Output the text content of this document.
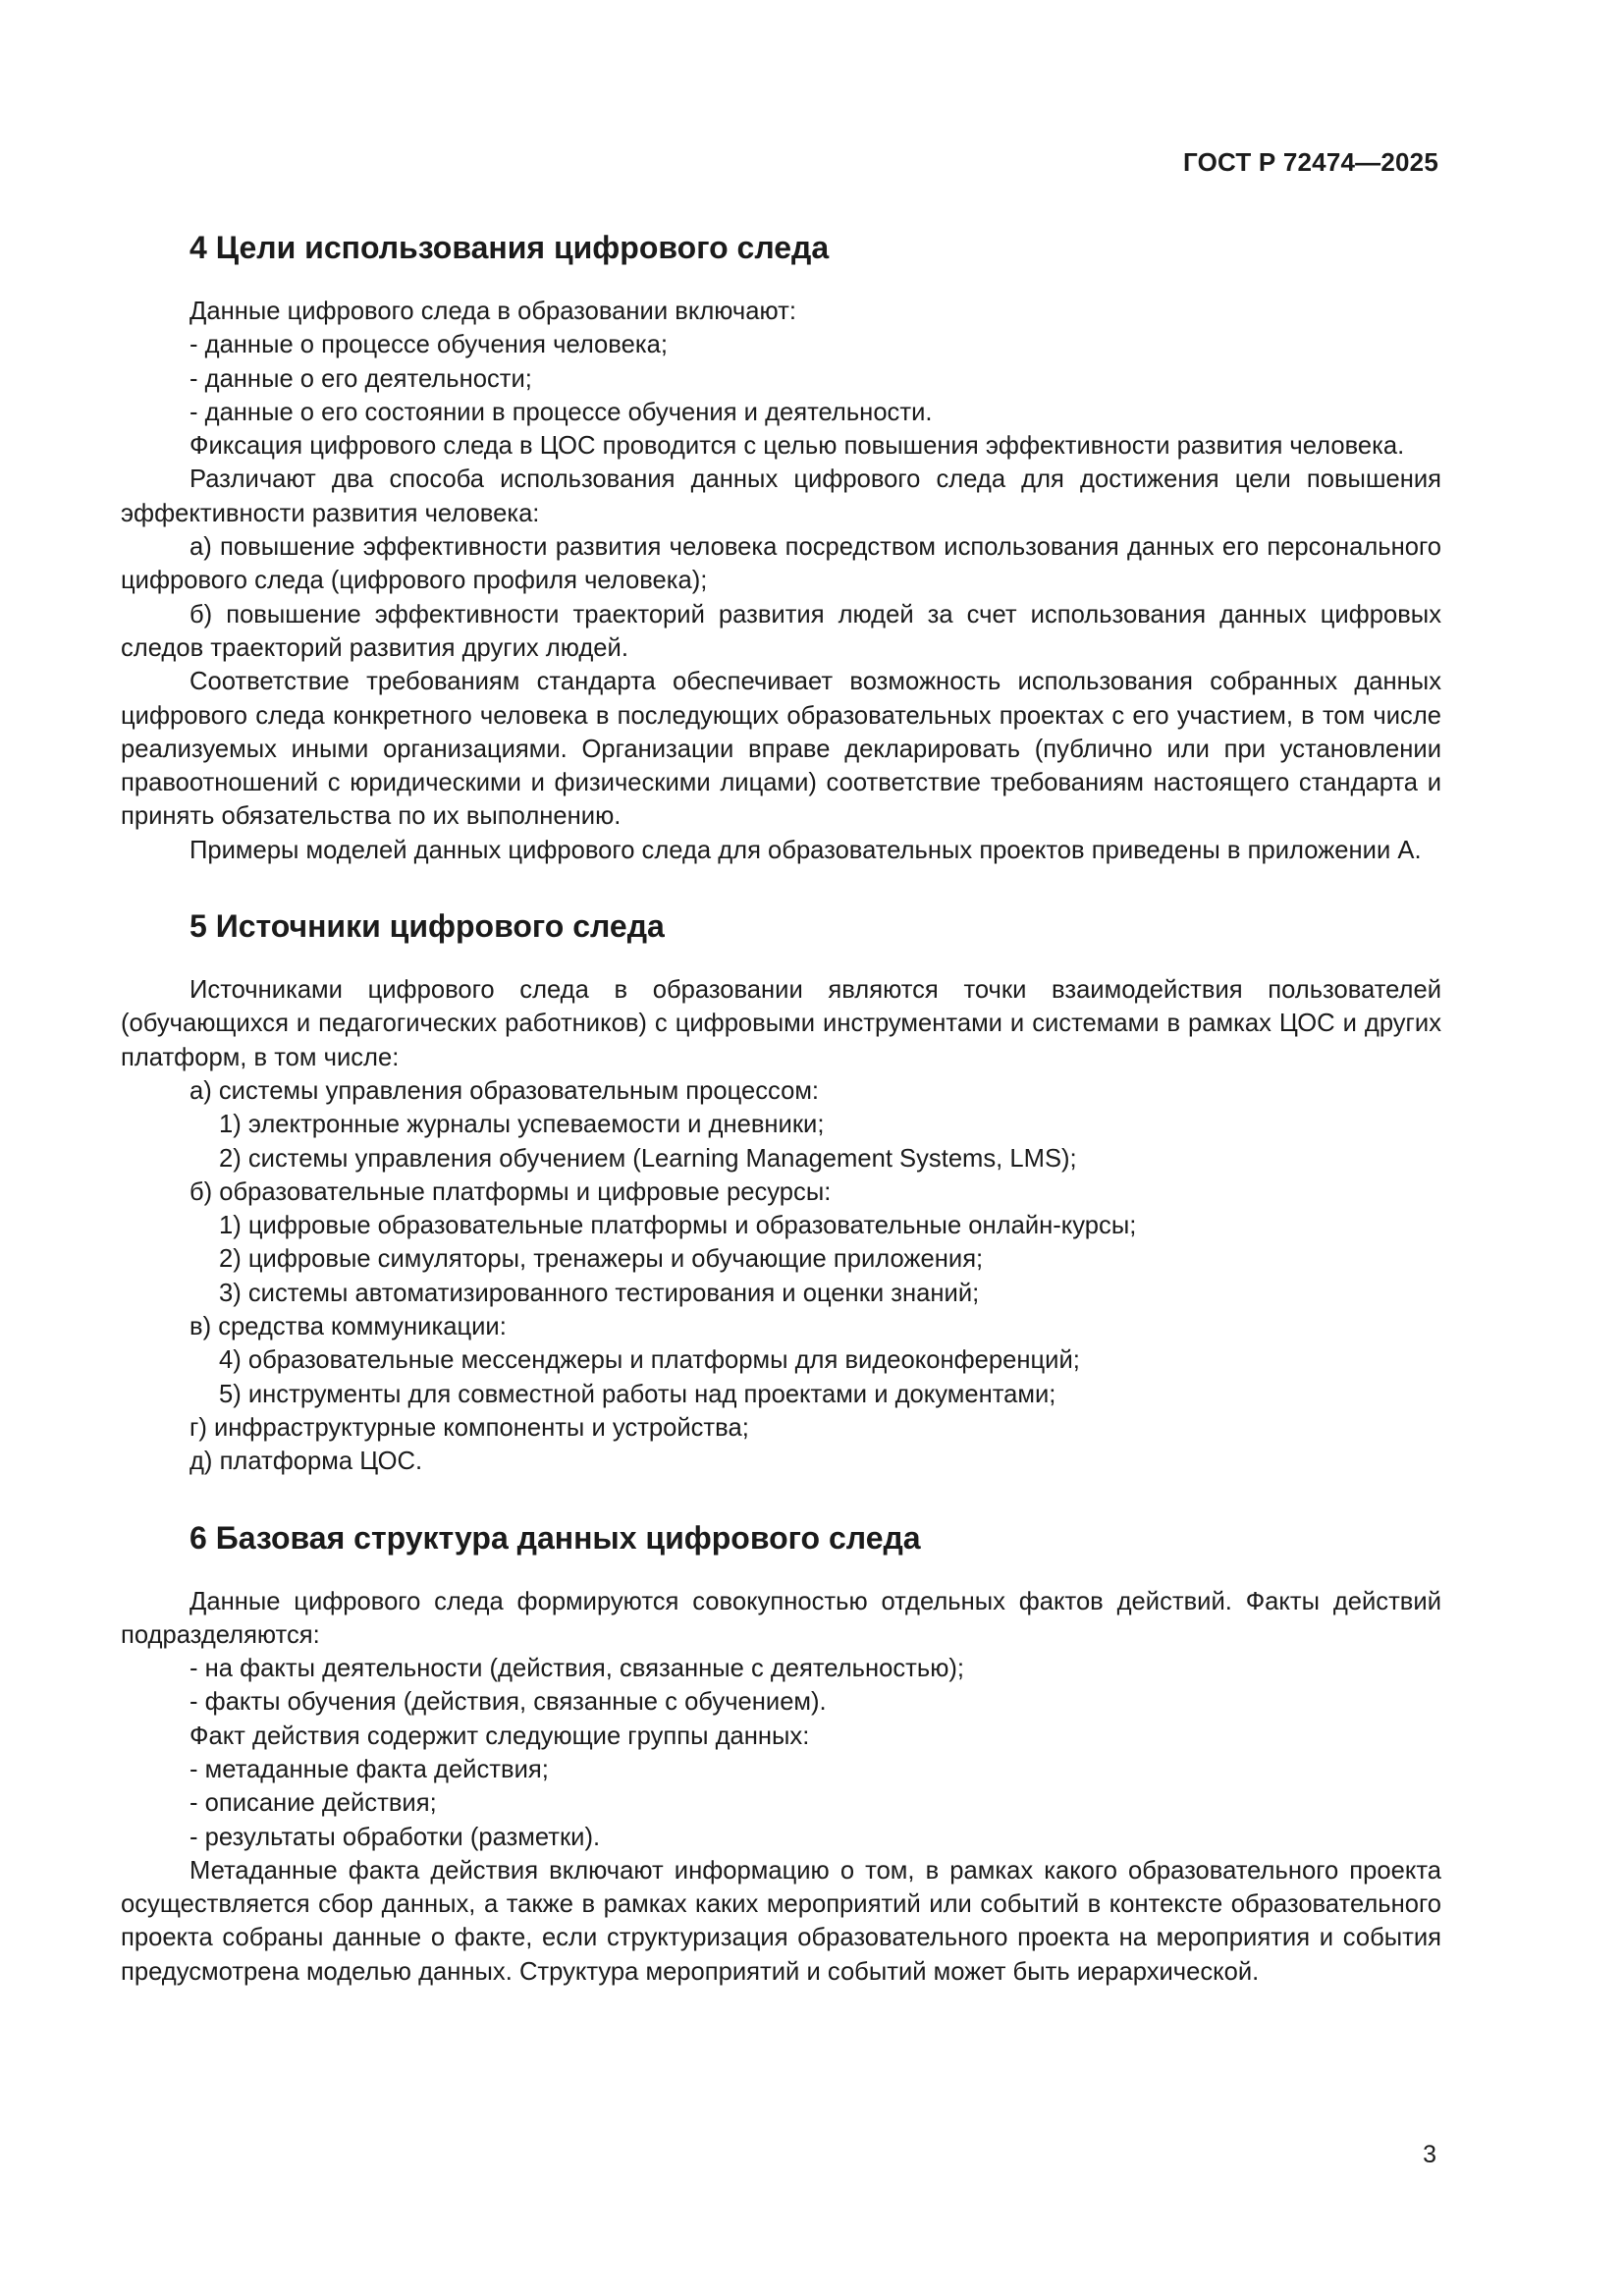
ГОСТ Р 72474—2025
4 Цели использования цифрового следа

Данные цифрового следа в образовании включают:

- данные о процессе обучения человека;

- данные о его деятельности;

- данные о его состоянии в процессе обучения и деятельности.

Фиксация цифрового следа в ЦОС проводится с целью повышения эффективности развития человека.

Различают два способа использования данных цифрового следа для достижения цели повышения эффективности развития человека:

а) повышение эффективности развития человека посредством использования данных его персонального цифрового следа (цифрового профиля человека);

б) повышение эффективности траекторий развития людей за счет использования данных цифровых следов траекторий развития других людей.

Соответствие требованиям стандарта обеспечивает возможность использования собранных данных цифрового следа конкретного человека в последующих образовательных проектах с его участием, в том числе реализуемых иными организациями. Организации вправе декларировать (публично или при установлении правоотношений с юридическими и физическими лицами) соответствие требованиям настоящего стандарта и принять обязательства по их выполнению.

Примеры моделей данных цифрового следа для образовательных проектов приведены в приложении А.

5 Источники цифрового следа

Источниками цифрового следа в образовании являются точки взаимодействия пользователей (обучающихся и педагогических работников) с цифровыми инструментами и системами в рамках ЦОС и других платформ, в том числе:

а) системы управления образовательным процессом:

1) электронные журналы успеваемости и дневники;

2) системы управления обучением (Learning Management Systems, LMS);

б) образовательные платформы и цифровые ресурсы:

1) цифровые образовательные платформы и образовательные онлайн-курсы;

2) цифровые симуляторы, тренажеры и обучающие приложения;

3) системы автоматизированного тестирования и оценки знаний;

в) средства коммуникации:

4) образовательные мессенджеры и платформы для видеоконференций;

5) инструменты для совместной работы над проектами и документами;

г) инфраструктурные компоненты и устройства;

д) платформа ЦОС.

6 Базовая структура данных цифрового следа

Данные цифрового следа формируются совокупностью отдельных фактов действий. Факты действий подразделяются:

- на факты деятельности (действия, связанные с деятельностью);

- факты обучения (действия, связанные с обучением).

Факт действия содержит следующие группы данных:

- метаданные факта действия;

- описание действия;

- результаты обработки (разметки).

Метаданные факта действия включают информацию о том, в рамках какого образовательного проекта осуществляется сбор данных, а также в рамках каких мероприятий или событий в контексте образовательного проекта собраны данные о факте, если структуризация образовательного проекта на мероприятия и события предусмотрена моделью данных. Структура мероприятий и событий может быть иерархической.

3
